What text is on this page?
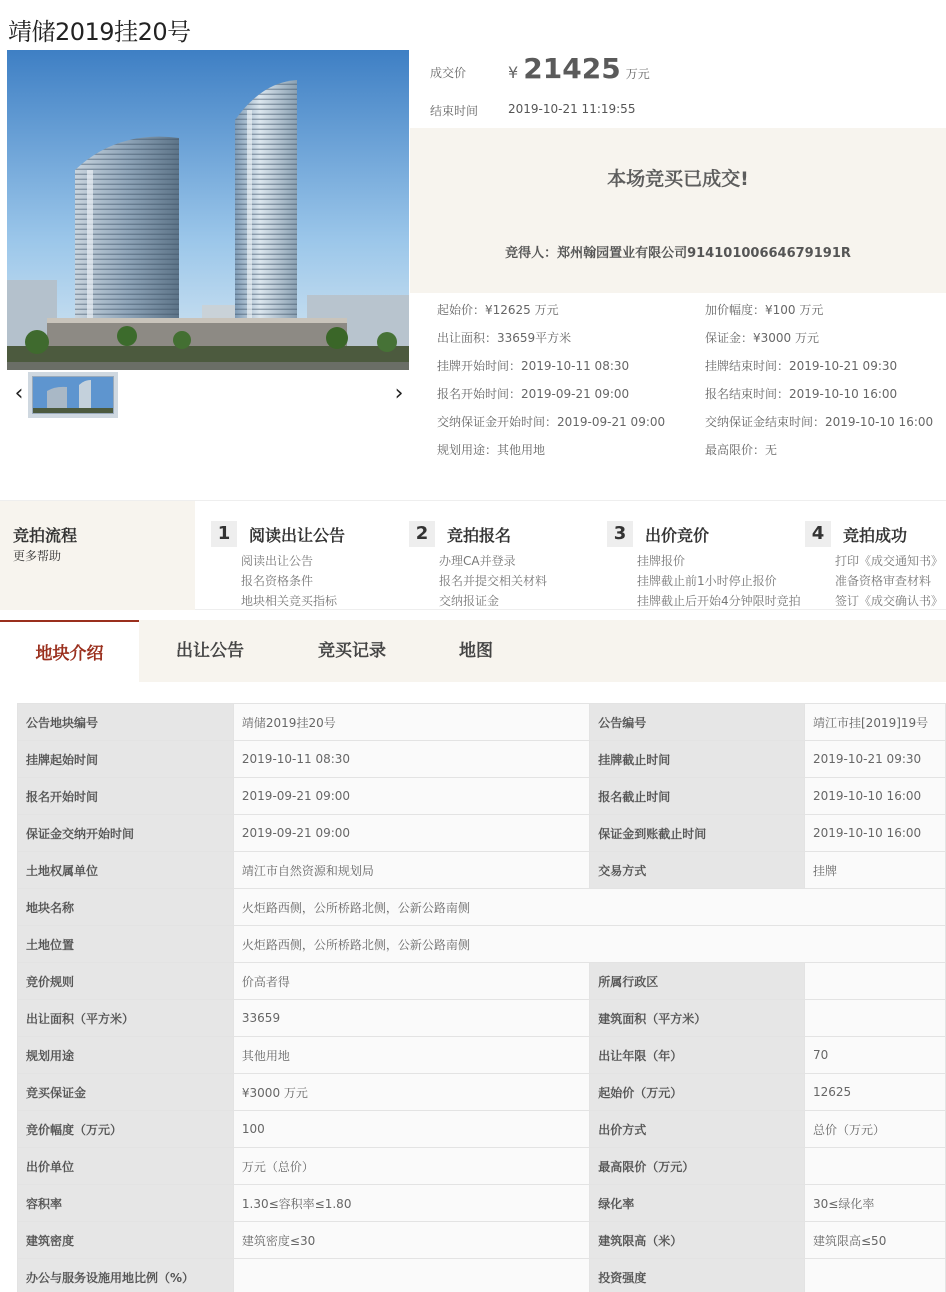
靖储2019挂20号
‹	›
成交价	¥ 21425 万元
结束时间 2019-10-21 11:19:55
本场竞买已成交!
竞得人：郑州翰园置业有限公司91410100664679191R
起始价：¥12625 万元	加价幅度：¥100 万元
出让面积：33659平方米	保证金：¥3000 万元
挂牌开始时间：2019-10-11 08:30	挂牌结束时间：2019-10-21 09:30
报名开始时间：2019-09-21 09:00	报名结束时间：2019-10-10 16:00
交纳保证金开始时间：2019-09-21 09:00	交纳保证金结束时间：2019-10-10 16:00
规划用途：其他用地	最高限价：无
竞拍流程
更多帮助
1	阅读出让公告
阅读出让公告
报名资格条件
地块相关竞买指标
2	竞拍报名
办理CA并登录
报名并提交相关材料
交纳报证金
3	出价竞价
挂牌报价
挂牌截止前1小时停止报价
挂牌截止后开始4分钟限时竞拍
4	竞拍成功
打印《成交通知书》
准备资格审查材料
签订《成交确认书》
地块介绍	出让公告	竞买记录	地图
公告地块编号	靖储2019挂20号	公告编号	靖江市挂[2019]19号
挂牌起始时间	2019-10-11 08:30	挂牌截止时间	2019-10-21 09:30
报名开始时间	2019-09-21 09:00	报名截止时间	2019-10-10 16:00
保证金交纳开始时间	2019-09-21 09:00	保证金到账截止时间	2019-10-10 16:00
土地权属单位	靖江市自然资源和规划局	交易方式	挂牌
地块名称	火炬路西侧，公所桥路北侧，公新公路南侧		
土地位置	火炬路西侧，公所桥路北侧，公新公路南侧		
竞价规则	价高者得	所属行政区	
出让面积（平方米）	33659	建筑面积（平方米）	
规划用途	其他用地	出让年限（年）	70
竞买保证金	¥3000 万元	起始价（万元）	12625
竞价幅度（万元）	100	出价方式	总价（万元）
出价单位	万元（总价）	最高限价（万元）	
容积率	1.30≤容积率≤1.80	绿化率	30≤绿化率
建筑密度	建筑密度≤30	建筑限高（米）	建筑限高≤50
办公与服务设施用地比例（%）		投资强度	
